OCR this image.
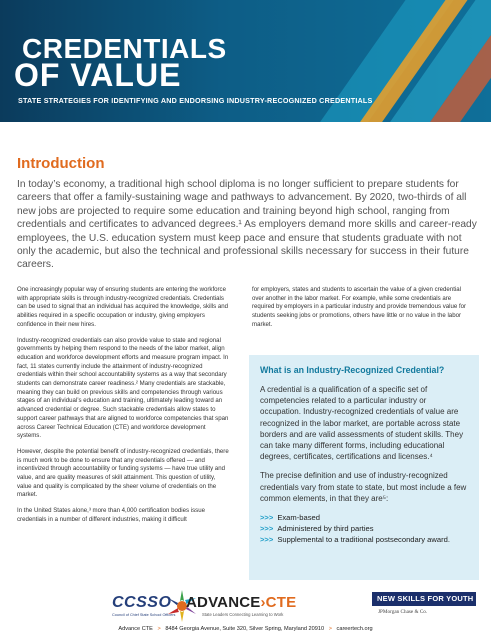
CREDENTIALS
OF VALUE
STATE STRATEGIES FOR IDENTIFYING AND ENDORSING INDUSTRY-RECOGNIZED CREDENTIALS
Introduction
In today’s economy, a traditional high school diploma is no longer sufficient to prepare students for careers that offer a family-sustaining wage and pathways to advancement. By 2020, two-thirds of all new jobs are projected to require some education and training beyond high school, ranging from credentials and certificates to advanced degrees.¹ As employers demand more skills and career-ready employees, the U.S. education system must keep pace and ensure that students graduate with not only the academic, but also the technical and professional skills necessary for success in their future careers.

One increasingly popular way of ensuring students are entering the workforce with appropriate skills is through industry-recognized credentials. Credentials can be used to signal that an individual has acquired the knowledge, skills and abilities required in a specific occupation or industry, giving employers confidence in their new hires.

Industry-recognized credentials can also provide value to state and regional governments by helping them respond to the needs of the labor market, align education and workforce development efforts and measure program impact. In fact, 11 states currently include the attainment of industry-recognized credentials within their school accountability systems as a way that secondary students can demonstrate career readiness.² Many credentials are stackable, meaning they can build on previous skills and competencies through various stages of an individual’s education and training, ultimately leading toward an advanced credential or degree. Such stackable credentials allow states to support career pathways that are aligned to workforce competencies that span across Career Technical Education (CTE) and workforce development systems.

However, despite the potential benefit of industry-recognized credentials, there is much work to be done to ensure that any credentials offered — and incentivized through accountability or funding systems — have true utility and value, and are quality measures of skill attainment. This question of utility, value and quality is complicated by the sheer volume of credentials on the market.

In the United States alone,³ more than 4,000 certification bodies issue credentials in a number of different industries, making it difficult

for employers, states and students to ascertain the value of a given credential over another in the labor market. For example, while some credentials are required by employers in a particular industry and provide tremendous value for students seeking jobs or promotions, others have little or no value in the labor market.

What is an Industry-Recognized Credential?

A credential is a qualification of a specific set of competencies related to a particular industry or occupation. Industry-recognized credentials of value are recognized in the labor market, are portable across state borders and are valid assessments of student skills. They can take many different forms, including educational degrees, certificates, certifications and licenses.⁴

The precise definition and use of industry-recognized credentials vary from state to state, but most include a few common elements, in that they are⁵:

>>> Exam-based
>>> Administered by third parties
>>> Supplemental to a traditional postsecondary award.
CCSSO
Council of Chief State School Officers
ADVANCE›CTE
State Leaders Connecting Learning to Work
NEW SKILLS FOR YOUTH
JPMorgan Chase & Co.
Advance CTE > 8484 Georgia Avenue, Suite 320, Silver Spring, Maryland 20910 > careertech.org
